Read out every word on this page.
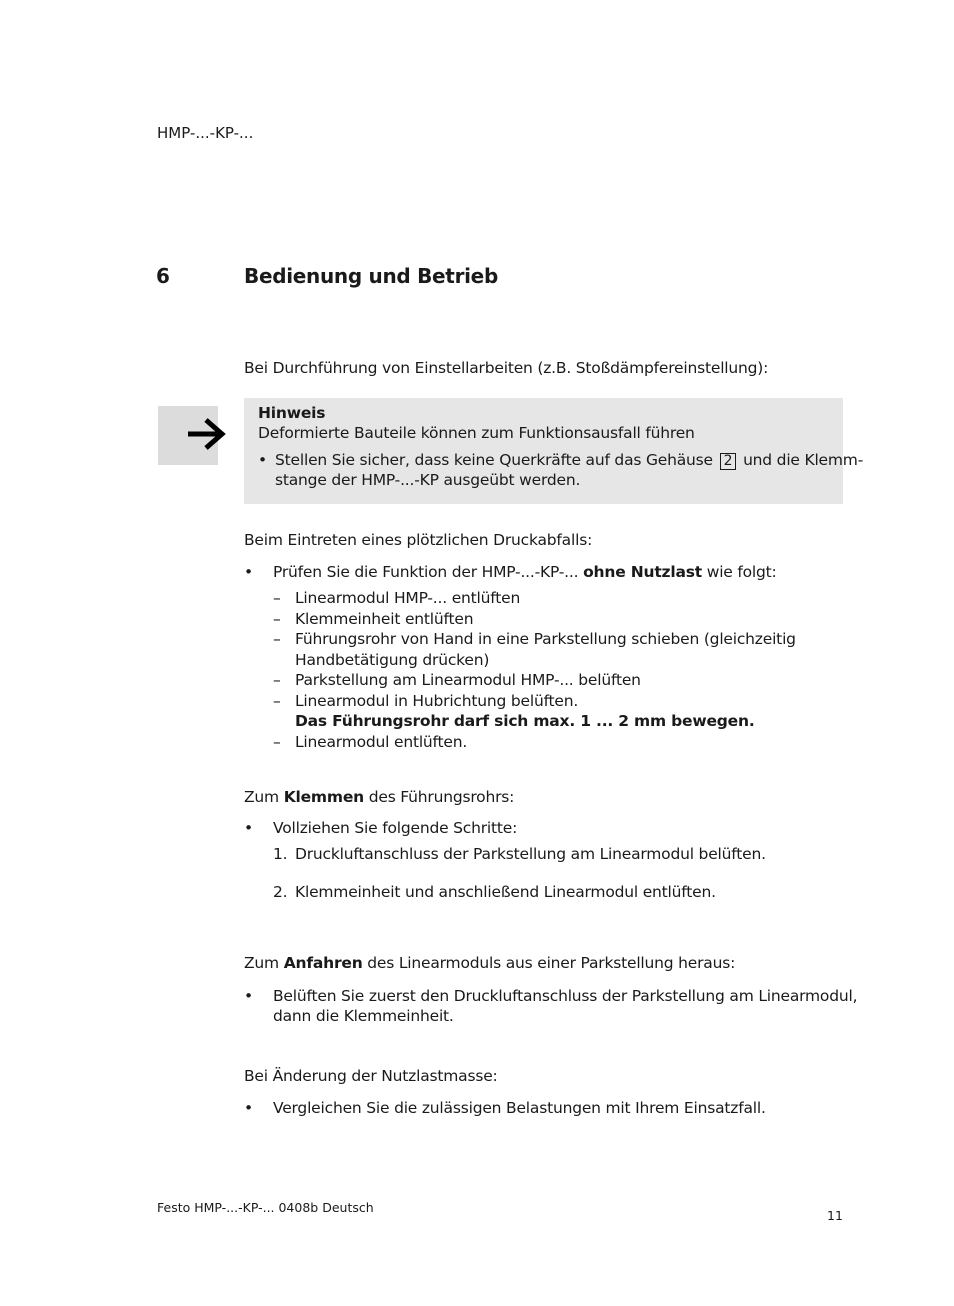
HMP-...-KP-...
6	Bedienung und Betrieb
Bei Durchführung von Einstellarbeiten (z.B. Stoßdämpfereinstellung):
Hinweis
Deformierte Bauteile können zum Funktionsausfall führen
• Stellen Sie sicher, dass keine Querkräfte auf das Gehäuse 2 und die Klemm-
stange der HMP-...-KP ausgeübt werden.
Beim Eintreten eines plötzlichen Druckabfalls:
• Prüfen Sie die Funktion der HMP-...-KP-... ohne Nutzlast wie folgt:
– Linearmodul HMP-... entlüften
– Klemmeinheit entlüften
– Führungsrohr von Hand in eine Parkstellung schieben (gleichzeitig
Handbetätigung drücken)
– Parkstellung am Linearmodul HMP-... belüften
– Linearmodul in Hubrichtung belüften.
Das Führungsrohr darf sich max. 1 ... 2 mm bewegen.
– Linearmodul entlüften.
Zum Klemmen des Führungsrohrs:
• Vollziehen Sie folgende Schritte:
1. Druckluftanschluss der Parkstellung am Linearmodul belüften.
2. Klemmeinheit und anschließend Linearmodul entlüften.
Zum Anfahren des Linearmoduls aus einer Parkstellung heraus:
• Belüften Sie zuerst den Druckluftanschluss der Parkstellung am Linearmodul,
dann die Klemmeinheit.
Bei Änderung der Nutzlastmasse:
• Vergleichen Sie die zulässigen Belastungen mit Ihrem Einsatzfall.
Festo HMP-...-KP-... 0408b Deutsch
11
